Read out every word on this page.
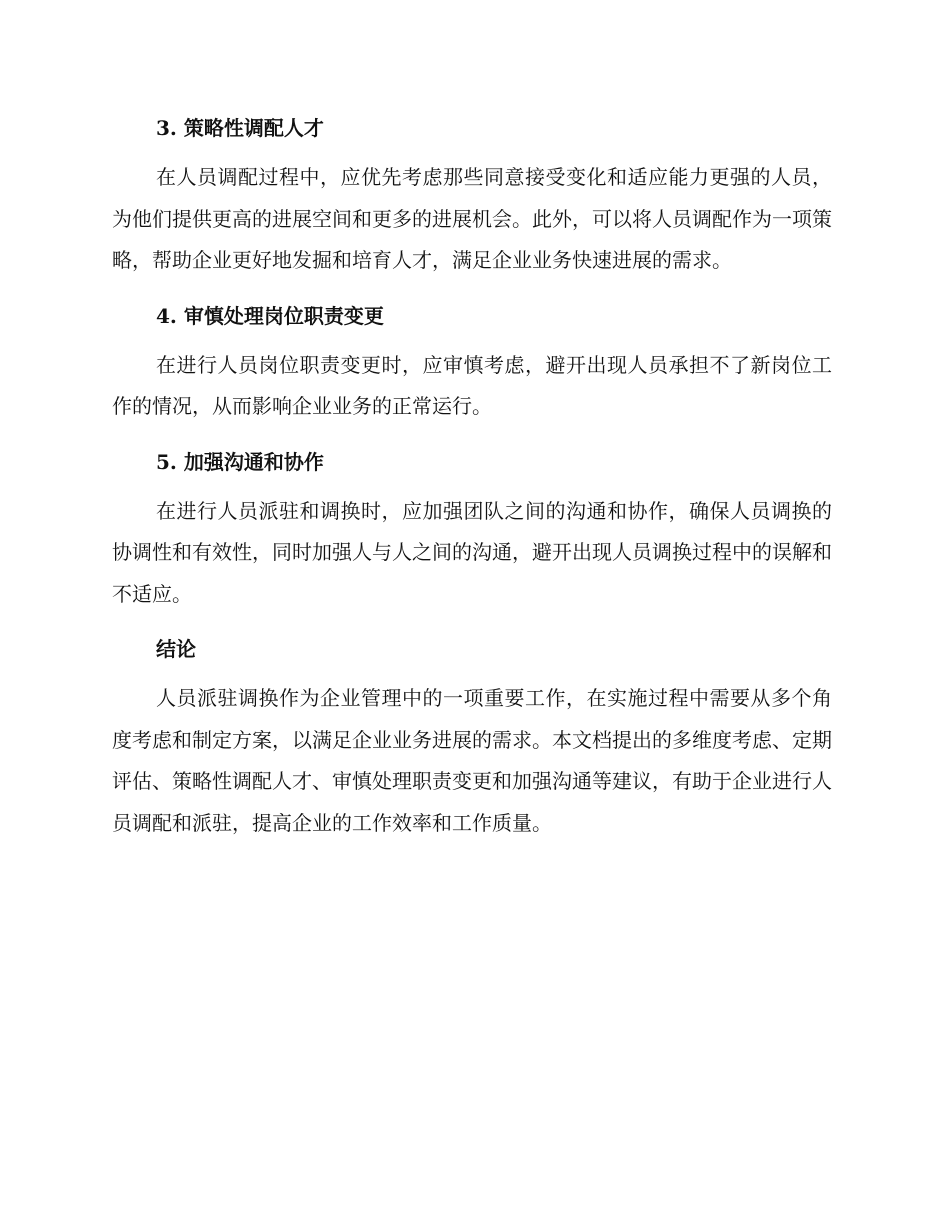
3. 策略性调配人才

在人员调配过程中，应优先考虑那些同意接受变化和适应能力更强的人员，为他们提供更高的进展空间和更多的进展机会。此外，可以将人员调配作为一项策略，帮助企业更好地发掘和培育人才，满足企业业务快速进展的需求。

4. 审慎处理岗位职责变更

在进行人员岗位职责变更时，应审慎考虑，避开出现人员承担不了新岗位工作的情况，从而影响企业业务的正常运行。

5. 加强沟通和协作

在进行人员派驻和调换时，应加强团队之间的沟通和协作，确保人员调换的协调性和有效性，同时加强人与人之间的沟通，避开出现人员调换过程中的误解和不适应。

结论

人员派驻调换作为企业管理中的一项重要工作，在实施过程中需要从多个角度考虑和制定方案，以满足企业业务进展的需求。本文档提出的多维度考虑、定期评估、策略性调配人才、审慎处理职责变更和加强沟通等建议，有助于企业进行人员调配和派驻，提高企业的工作效率和工作质量。
